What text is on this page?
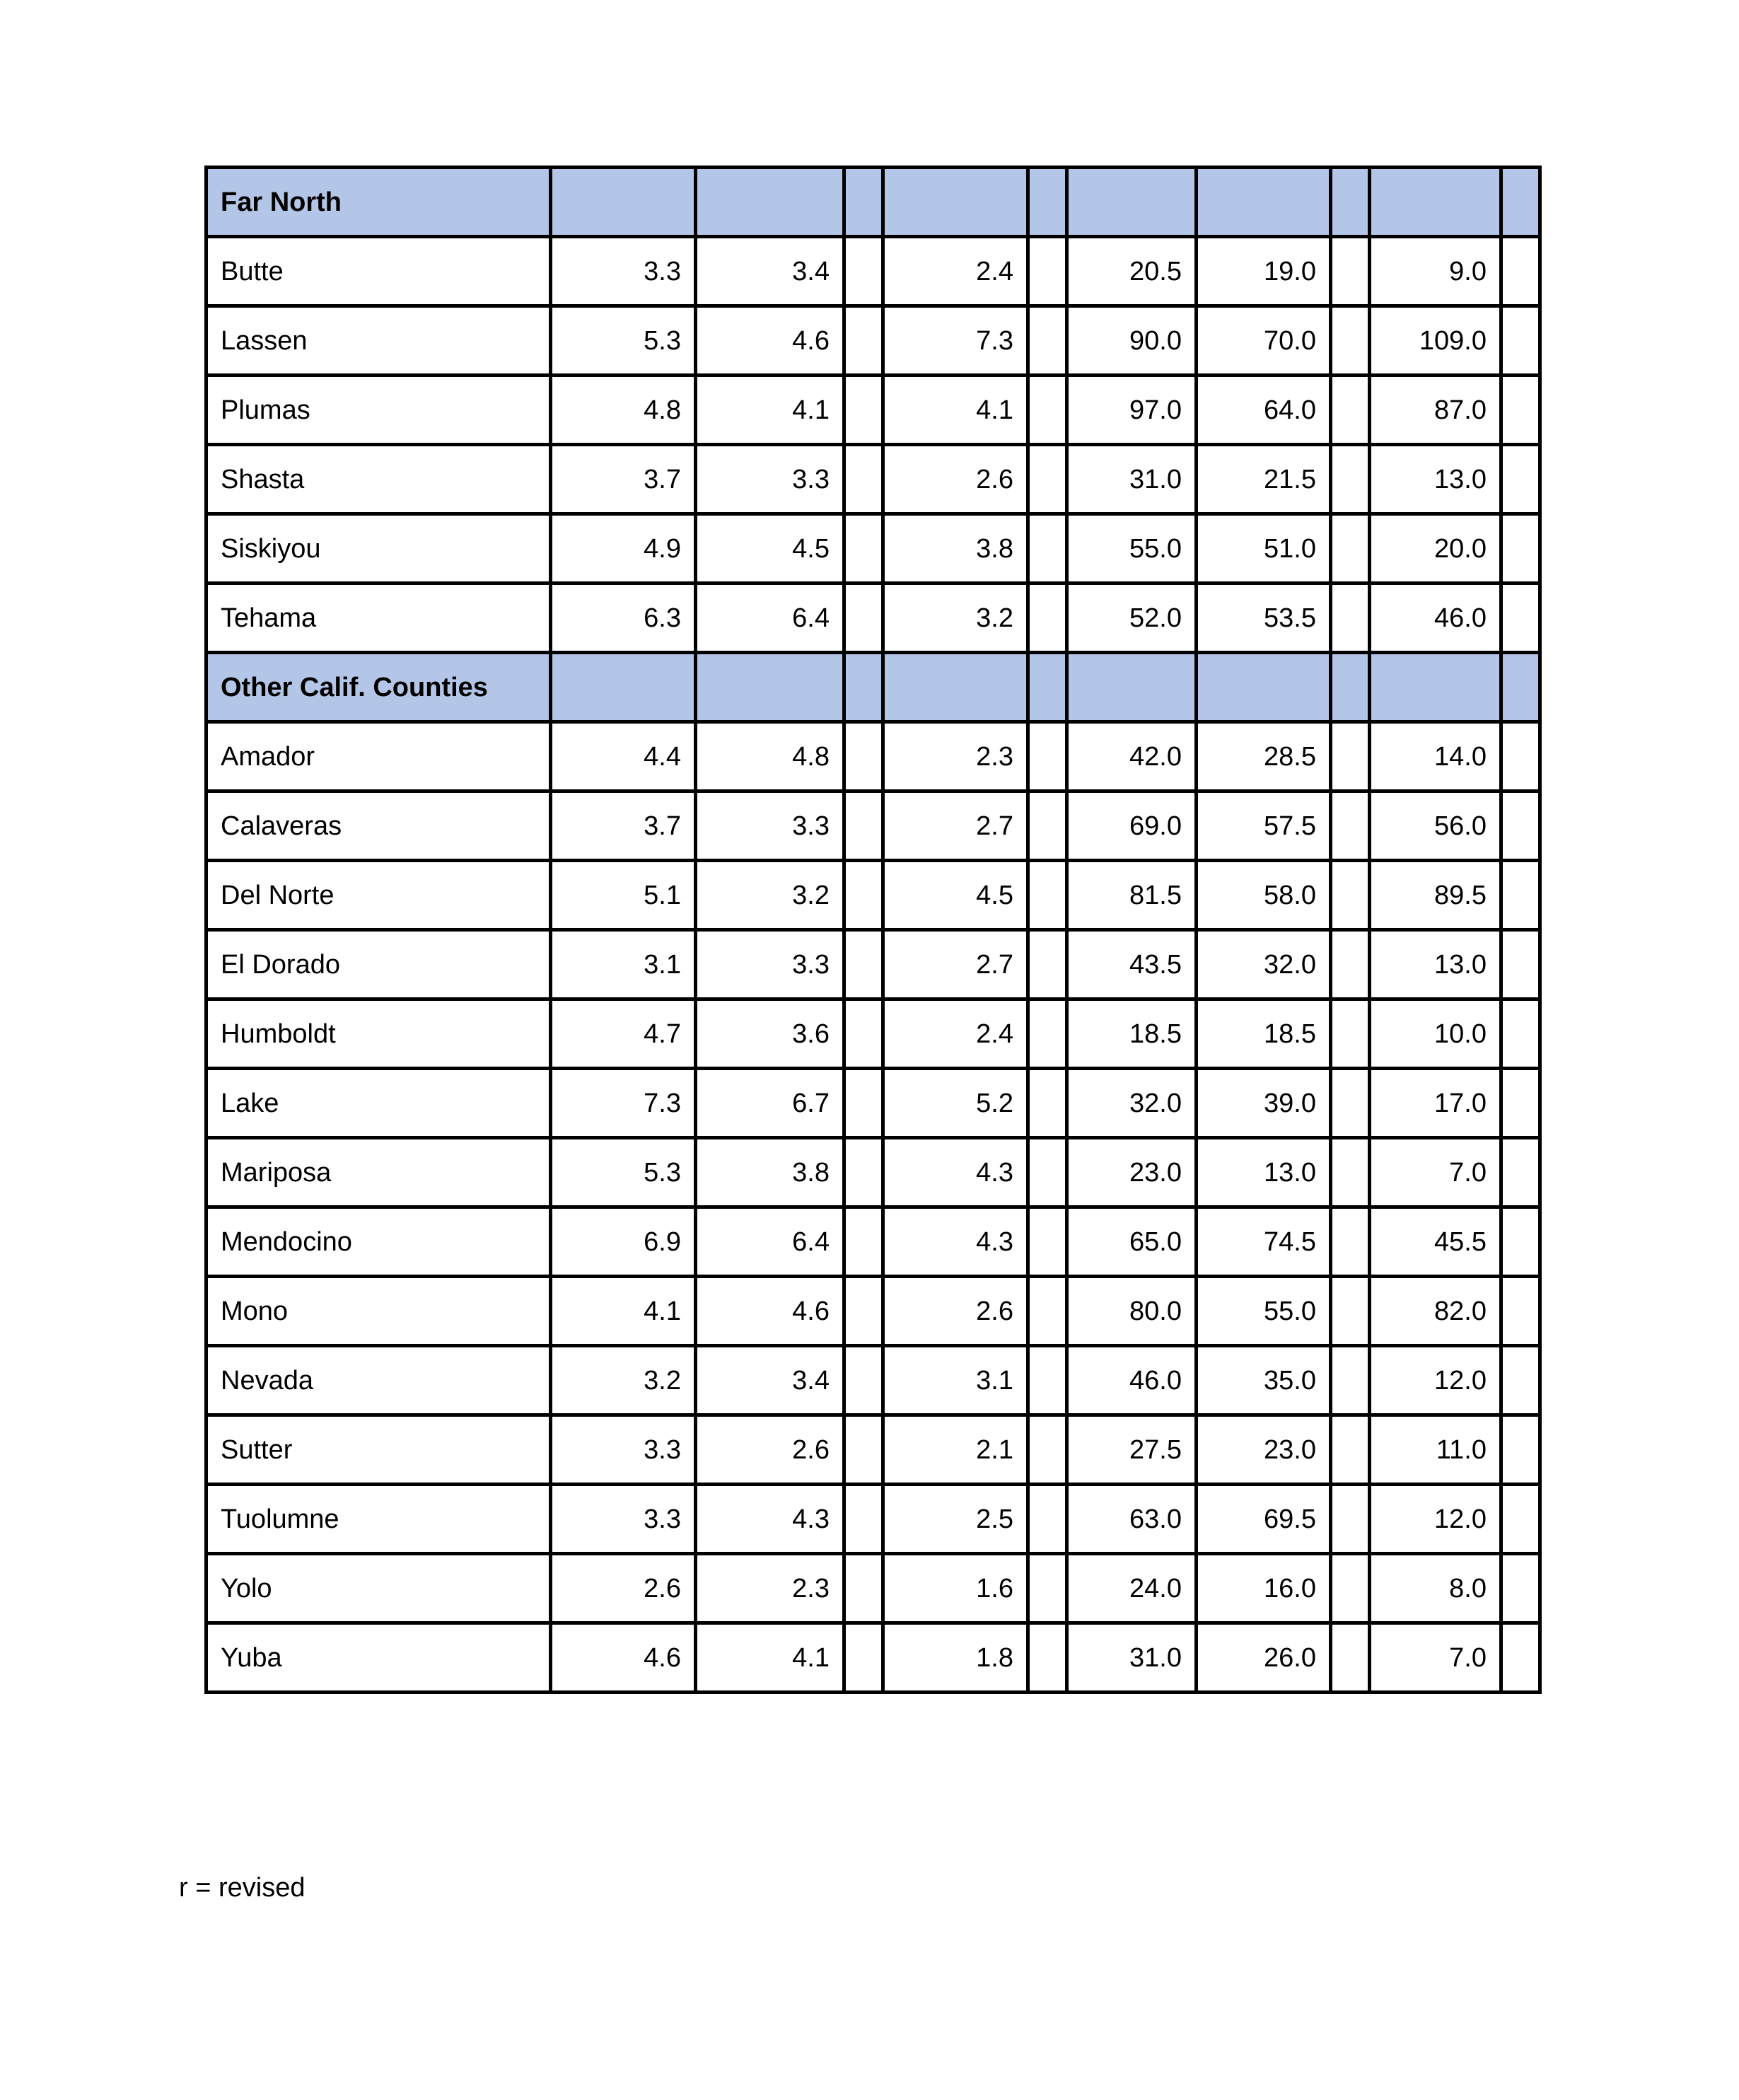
Far North										
Butte	3.3	3.4		2.4		20.5	19.0		9.0	
Lassen	5.3	4.6		7.3		90.0	70.0		109.0	
Plumas	4.8	4.1		4.1		97.0	64.0		87.0	
Shasta	3.7	3.3		2.6		31.0	21.5		13.0	
Siskiyou	4.9	4.5		3.8		55.0	51.0		20.0	
Tehama	6.3	6.4		3.2		52.0	53.5		46.0	
Other Calif. Counties										
Amador	4.4	4.8		2.3		42.0	28.5		14.0	
Calaveras	3.7	3.3		2.7		69.0	57.5		56.0	
Del Norte	5.1	3.2		4.5		81.5	58.0		89.5	
El Dorado	3.1	3.3		2.7		43.5	32.0		13.0	
Humboldt	4.7	3.6		2.4		18.5	18.5		10.0	
Lake	7.3	6.7		5.2		32.0	39.0		17.0	
Mariposa	5.3	3.8		4.3		23.0	13.0		7.0	
Mendocino	6.9	6.4		4.3		65.0	74.5		45.5	
Mono	4.1	4.6		2.6		80.0	55.0		82.0	
Nevada	3.2	3.4		3.1		46.0	35.0		12.0	
Sutter	3.3	2.6		2.1		27.5	23.0		11.0	
Tuolumne	3.3	4.3		2.5		63.0	69.5		12.0	
Yolo	2.6	2.3		1.6		24.0	16.0		8.0	
Yuba	4.6	4.1		1.8		31.0	26.0		7.0	
r = revised
